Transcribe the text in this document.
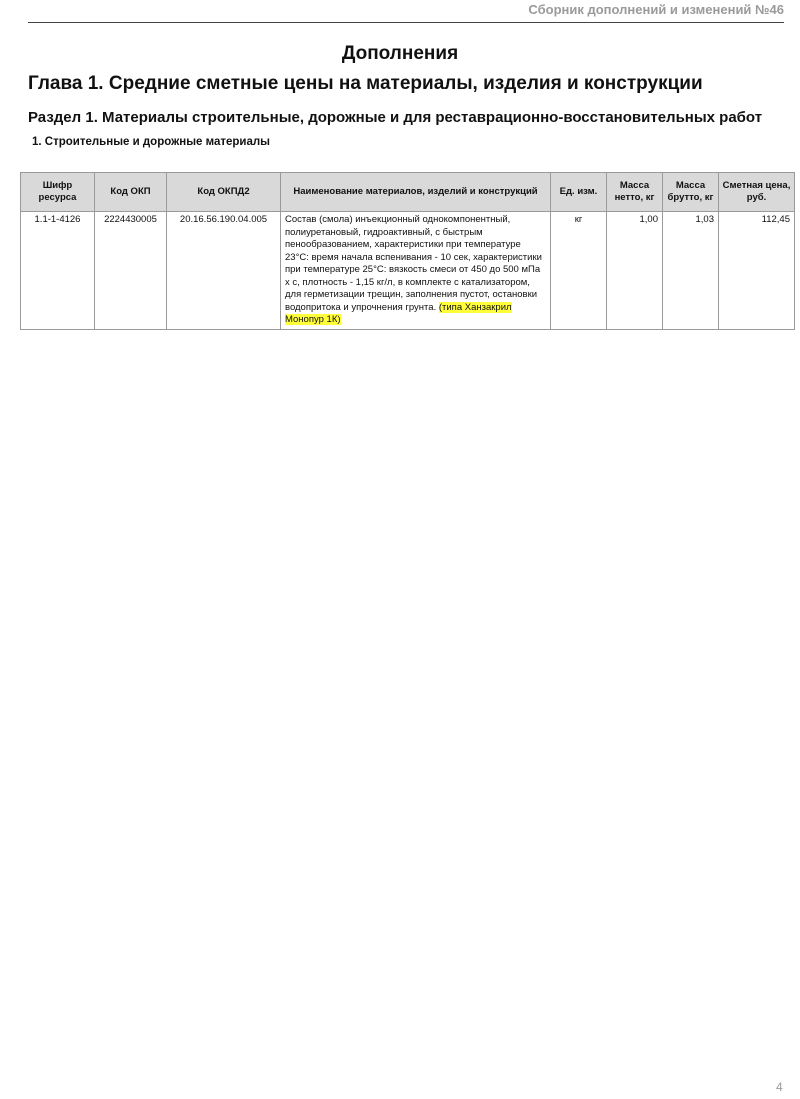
Сборник дополнений и изменений №46
Дополнения
Глава 1. Средние сметные цены на материалы, изделия и конструкции
Раздел 1. Материалы строительные, дорожные и для реставрационно-восстановительных работ
1. Строительные и дорожные материалы
Шифр ресурса	Код ОКП	Код ОКПД2	Наименование материалов, изделий и конструкций	Ед. изм.	Масса нетто, кг	Масса брутто, кг	Сметная цена, руб.
1.1-1-4126	2224430005	20.16.56.190.04.005	Состав (смола) инъекционный однокомпонентный, полиуретановый, гидроактивный, с быстрым пенообразованием, характеристики при температуре 23°С: время начала вспенивания - 10 сек, характеристики при температуре 25°С: вязкость смеси от 450 до 500 мПа х с, плотность - 1,15 кг/л, в комплекте с катализатором, для герметизации трещин, заполнения пустот, остановки водопритока и упрочнения грунта. (типа Ханзакрил Монопур 1К)	кг	1,00	1,03	112,45
4
